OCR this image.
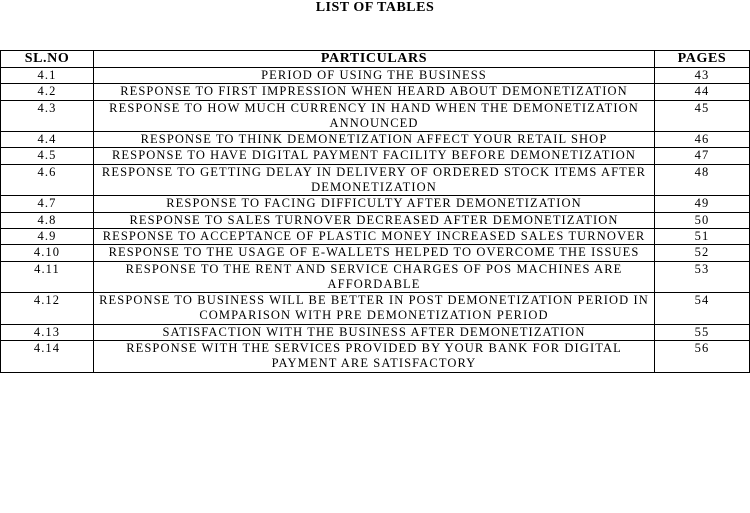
LIST OF TABLES
SL.NO	PARTICULARS	PAGES
4.1	PERIOD OF USING THE BUSINESS	43
4.2	RESPONSE TO FIRST IMPRESSION WHEN HEARD ABOUT DEMONETIZATION	44
4.3	RESPONSE TO HOW MUCH CURRENCY IN HAND WHEN THE DEMONETIZATION ANNOUNCED	45
4.4	RESPONSE TO THINK DEMONETIZATION AFFECT YOUR RETAIL SHOP	46
4.5	RESPONSE TO HAVE DIGITAL PAYMENT FACILITY BEFORE DEMONETIZATION	47
4.6	RESPONSE TO GETTING DELAY IN DELIVERY OF ORDERED STOCK ITEMS AFTER DEMONETIZATION	48
4.7	RESPONSE TO FACING DIFFICULTY AFTER DEMONETIZATION	49
4.8	RESPONSE TO SALES TURNOVER DECREASED AFTER DEMONETIZATION	50
4.9	RESPONSE TO ACCEPTANCE OF PLASTIC MONEY INCREASED SALES TURNOVER	51
4.10	RESPONSE TO THE USAGE OF E-WALLETS HELPED TO OVERCOME THE ISSUES	52
4.11	RESPONSE TO THE RENT AND SERVICE CHARGES OF POS MACHINES ARE AFFORDABLE	53
4.12	RESPONSE TO BUSINESS WILL BE BETTER IN POST DEMONETIZATION PERIOD IN COMPARISON WITH PRE DEMONETIZATION PERIOD	54
4.13	SATISFACTION WITH THE BUSINESS AFTER DEMONETIZATION	55
4.14	RESPONSE WITH THE SERVICES PROVIDED BY YOUR BANK FOR DIGITAL PAYMENT ARE SATISFACTORY	56
